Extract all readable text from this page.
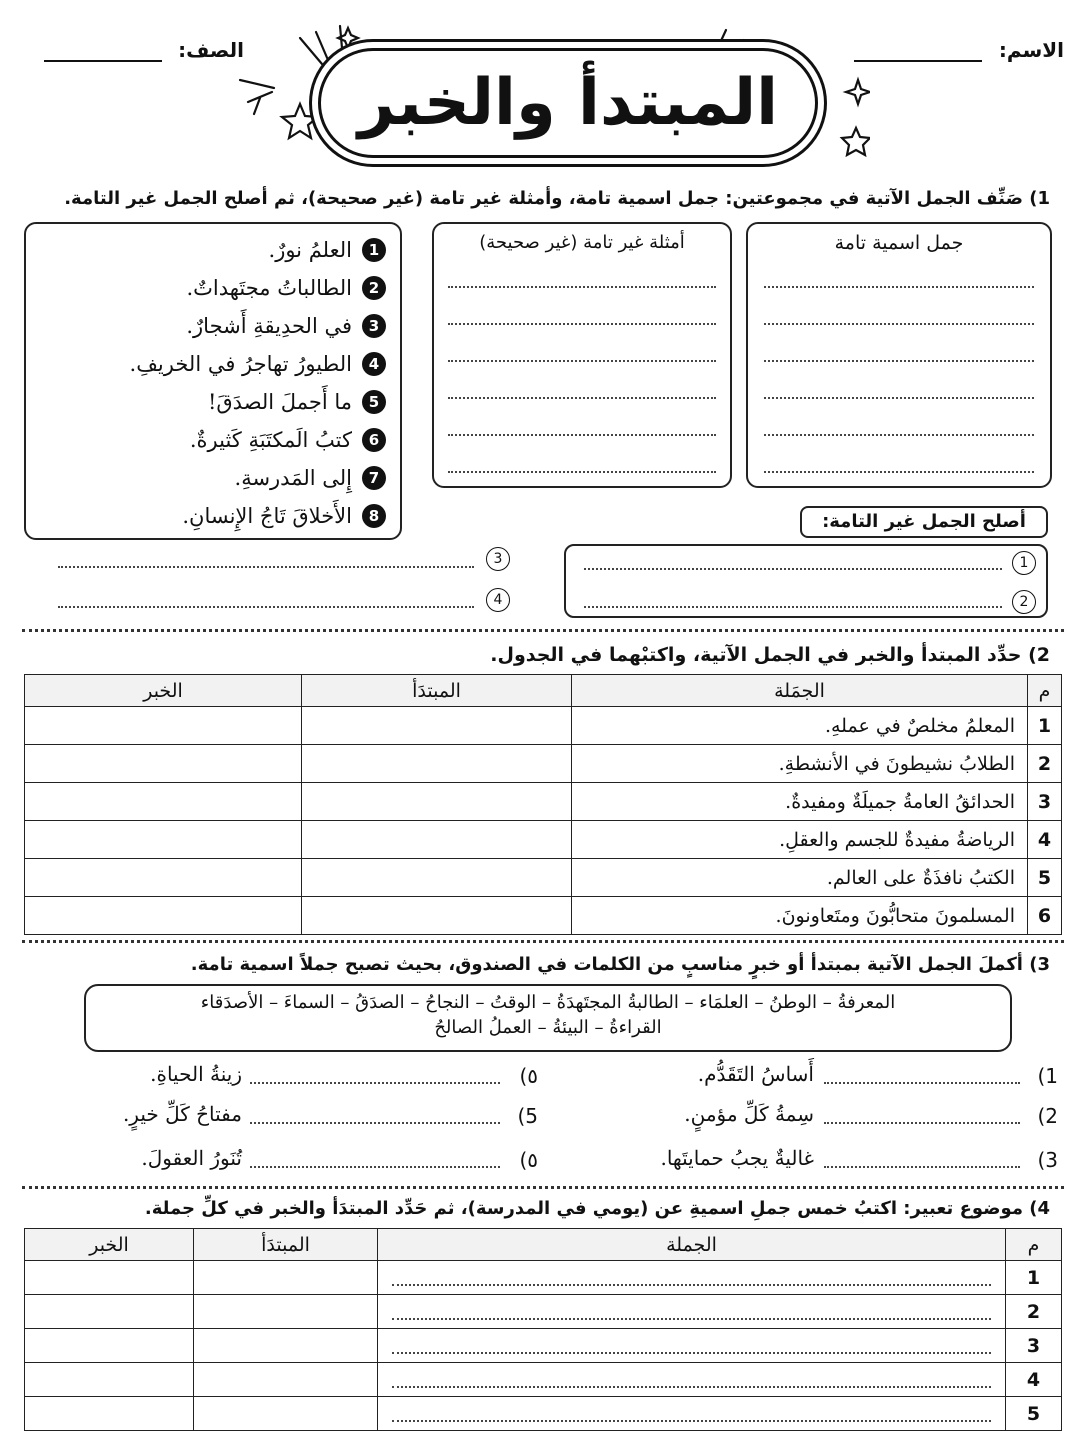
الاسم:
الصف:
المبتدأ والخبر
1) صَنِّف الجمل الآتية في مجموعتين: جمل اسمية تامة، وأمثلة غير تامة (غير صحيحة)، ثم أصلح الجمل غير التامة.
جمل اسمية تامة
أمثلة غير تامة (غير صحيحة)
1
العلمُ نورٌ.
2
الطالباتُ مجتَهداتٌ.
3
في الحدِيقةِ أَشجارٌ.
4
الطيورُ تهاجرُ في الخريفِ.
5
ما أَجملَ الصدَقَ!
6
كتبُ الَمكتَبَةِ كَثيرةٌ.
7
إِلى المَدرسةِ.
8
الأَخلاقَ تَاجُ الإِنسانِ.	أصلح الجمل غير التامة:
1
2
3
4
2) حدِّد المبتدأ والخبر في الجمل الآتية، واكتبْهما في الجدول.
م	الجمَلة	المبتدَأ	الخبر
1	المعلمُ مخلصٌ في عملهِ.		
2	الطلابُ نشيطونَ في الأنشطةِ.		
3	الحدائقُ العامةُ جميلَةٌ ومفيدةٌ.		
4	الرياضةُ مفيدةٌ للجسم والعقلِ.		
5	الكتبُ نافذَةٌ على العالم.		
6	المسلمونَ متحابُّونَ ومتَعاونونَ.		
3) أكملَ الجمل الآتية بمبتدأ أو خبرٍ مناسبٍ من الكلمات في الصندوق، بحيث تصبح جملاً اسمية تامة.
المعرفةُ – الوطنُ – العلمَاء – الطالبةُ المجتَهدَةُ – الوقتُ – النجاحُ – الصدَقُ – السماءَ – الأصدَقاء
القراءةُ – البيئةُ – العملُ الصالحُ
1)
أَساسُ التَقَدُّم.
2)
سِمةُ كَلِّ مؤمنٍ.
3)
غاليةٌ يجبُ حمايتَها.
٥)
زينةُ الحياةِ.
5)
مفتاحُ كَلِّ خيرٍ.
٥)
تُنَورُ العقولَ.
4) موضوع تعبير: اكتبُ خمس جملِ اسميةِ عن (يومي في المدرسة)، ثم حَدِّد المبتدَأ والخبر في كلِّ جملة.
م	الجملة	المبتدَأ	الخبر
1	

2	

3	

4	

5	
